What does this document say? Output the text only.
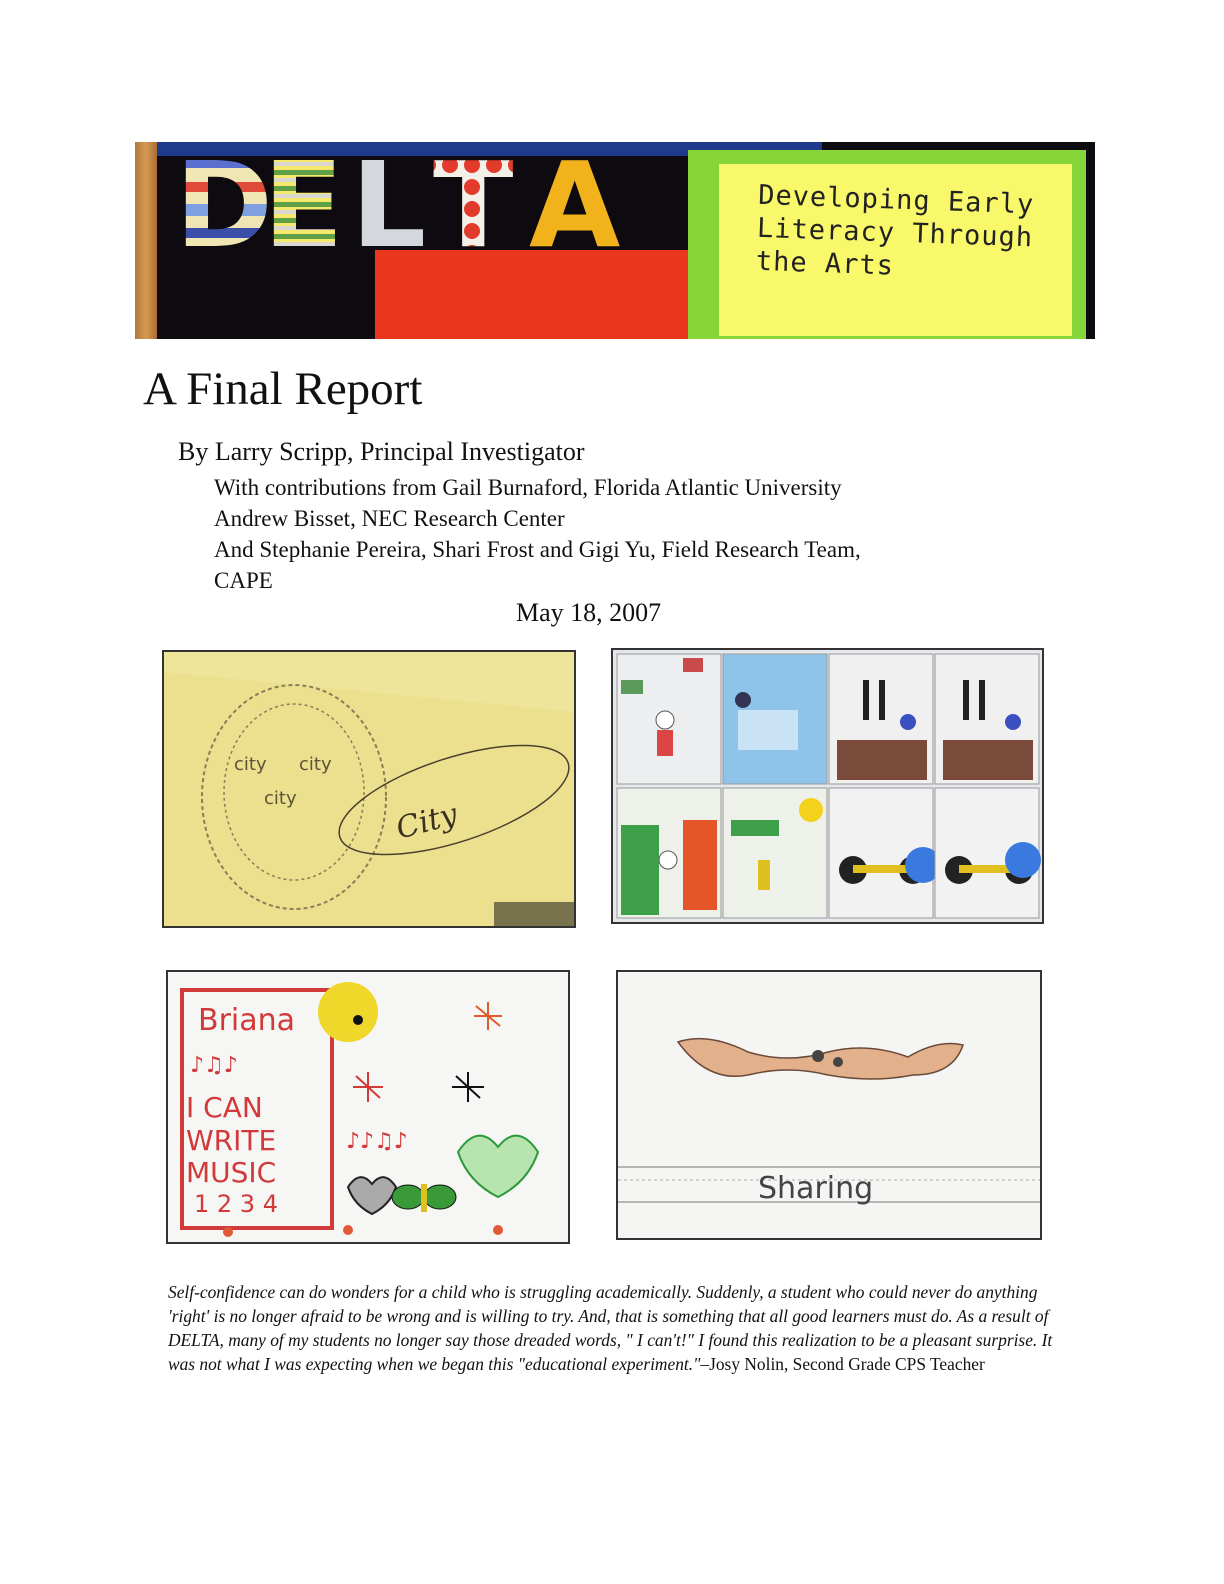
D
E L T A	Developing Early Literacy Through the Arts
A Final Report
By Larry Scripp, Principal Investigator
With contributions from Gail Burnaford, Florida Atlantic University
Andrew Bisset, NEC Research Center
And Stephanie Pereira, Shari Frost and Gigi Yu, Field Research Team,
CAPE
May 18, 2007
city city
city	City
Briana
♪♫♪
I CAN
WRITE
MUSIC
1 2 3 4
♪♪♫♪
Sharing

Self-confidence can do wonders for a child who is struggling academically. Suddenly, a student who could never do anything 'right' is no longer afraid to be wrong and is willing to try. And, that is something that all good learners must do. As a result of DELTA, many of my students no longer say those dreaded words, " I can't!" I found this realization to be a pleasant surprise. It was not what I was expecting when we began this "educational experiment."–Josy Nolin, Second Grade CPS Teacher
